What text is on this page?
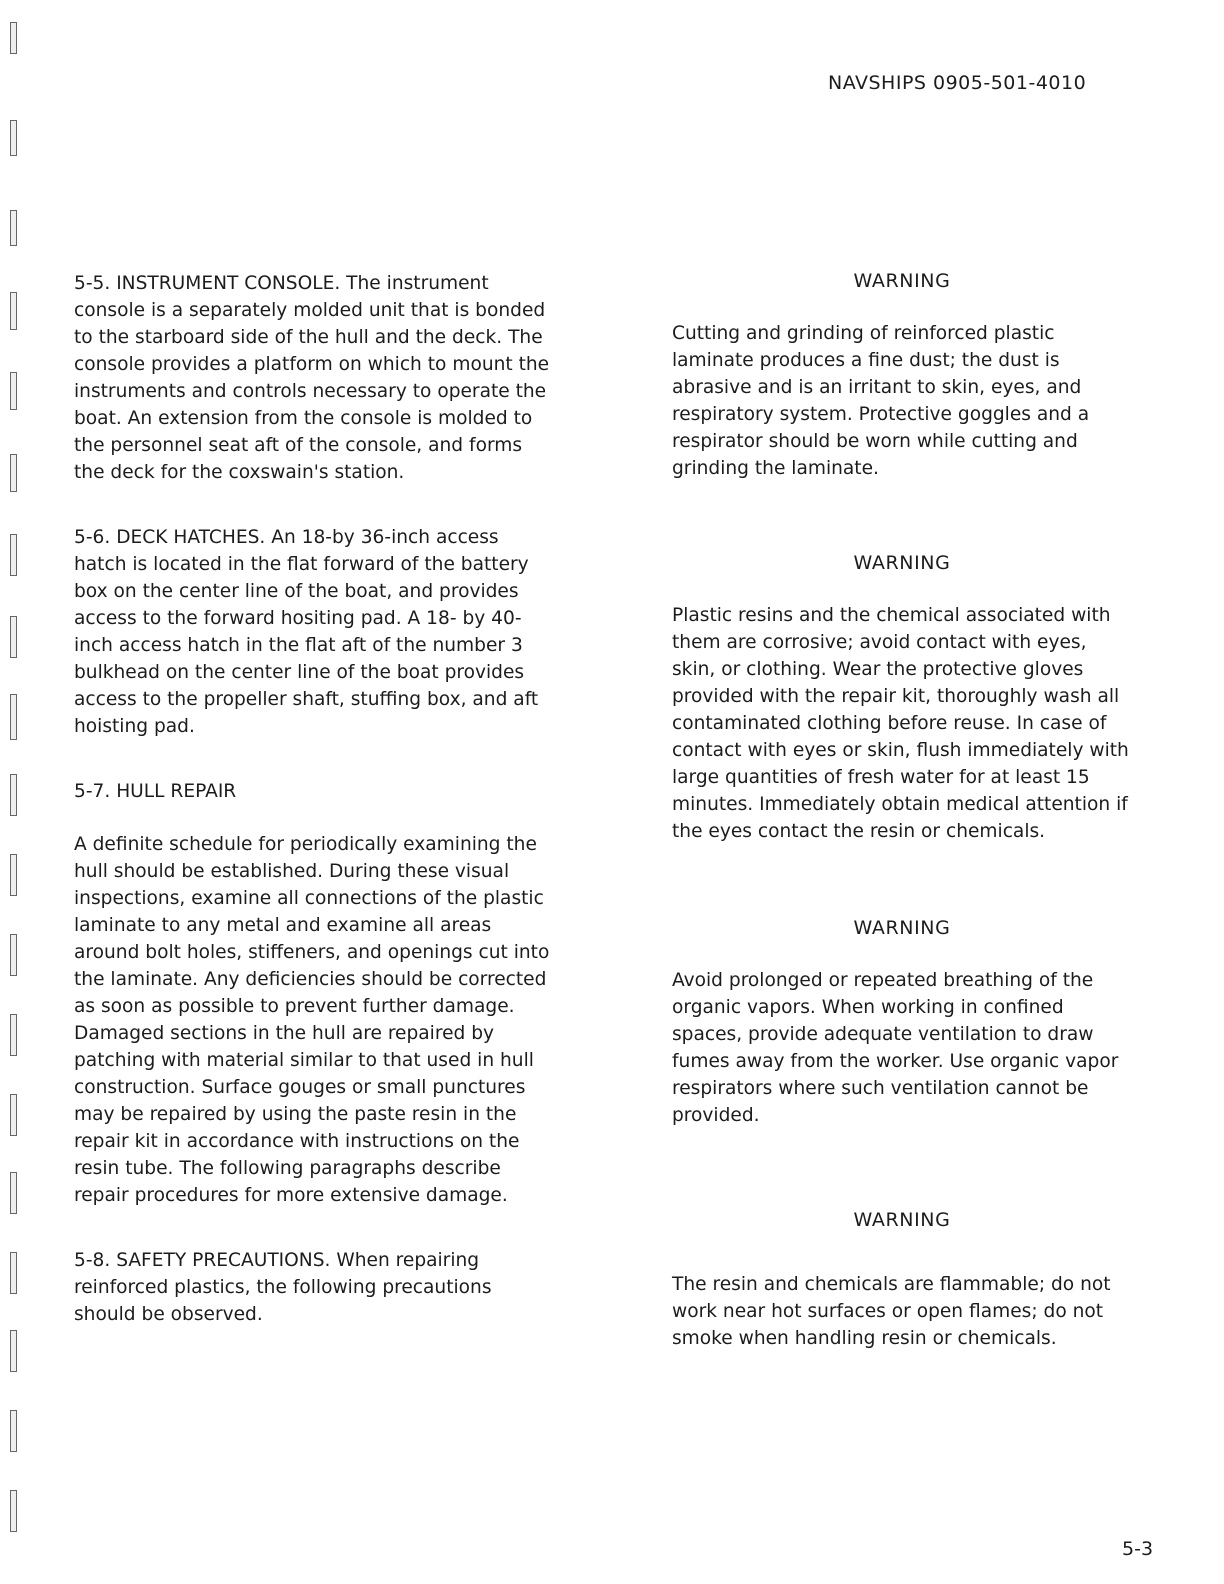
NAVSHIPS 0905-501-4010

5-5. INSTRUMENT CONSOLE. The instrument console is a separately molded unit that is bonded to the starboard side of the hull and the deck. The console provides a platform on which to mount the instruments and controls necessary to operate the boat. An extension from the console is molded to the personnel seat aft of the console, and forms the deck for the coxswain's station.

5-6. DECK HATCHES. An 18-by 36-inch access hatch is located in the flat forward of the battery box on the center line of the boat, and provides access to the forward hositing pad. A 18- by 40-inch access hatch in the flat aft of the number 3 bulkhead on the center line of the boat provides access to the propeller shaft, stuffing box, and aft hoisting pad.

5-7. HULL REPAIR

A definite schedule for periodically examining the hull should be established. During these visual inspections, examine all connections of the plastic laminate to any metal and examine all areas around bolt holes, stiffeners, and openings cut into the laminate. Any deficiencies should be corrected as soon as possible to prevent further damage. Damaged sections in the hull are repaired by patching with material similar to that used in hull construction. Surface gouges or small punctures may be repaired by using the paste resin in the repair kit in accordance with instructions on the resin tube. The following paragraphs describe repair procedures for more extensive damage.

5-8. SAFETY PRECAUTIONS. When repairing reinforced plastics, the following precautions should be observed.

WARNING

Cutting and grinding of reinforced plastic laminate produces a fine dust; the dust is abrasive and is an irritant to skin, eyes, and respiratory system. Protective goggles and a respirator should be worn while cutting and grinding the laminate.

WARNING

Plastic resins and the chemical associated with them are corrosive; avoid contact with eyes, skin, or clothing. Wear the protective gloves provided with the repair kit, thoroughly wash all contaminated clothing before reuse. In case of contact with eyes or skin, flush immediately with large quantities of fresh water for at least 15 minutes. Immediately obtain medical attention if the eyes contact the resin or chemicals.

WARNING

Avoid prolonged or repeated breathing of the organic vapors. When working in confined spaces, provide adequate ventilation to draw fumes away from the worker. Use organic vapor respirators where such ventilation cannot be provided.

WARNING

The resin and chemicals are flammable; do not work near hot surfaces or open flames; do not smoke when handling resin or chemicals.

5-3
